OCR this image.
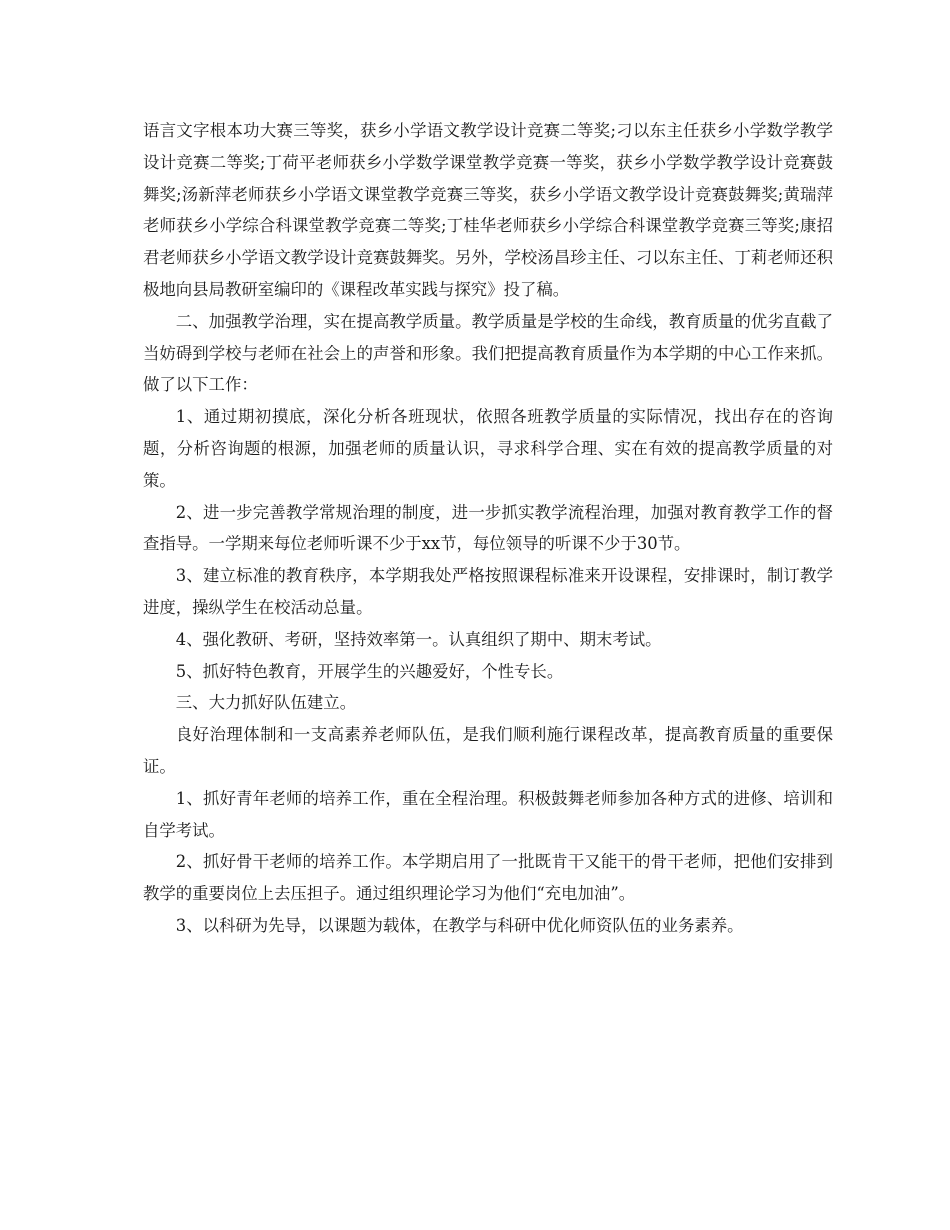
语言文字根本功大赛三等奖，获乡小学语文教学设计竞赛二等奖;刁以东主任获乡小学数学教学设计竞赛二等奖;丁荷平老师获乡小学数学课堂教学竞赛一等奖，获乡小学数学教学设计竞赛鼓舞奖;汤新萍老师获乡小学语文课堂教学竞赛三等奖，获乡小学语文教学设计竞赛鼓舞奖;黄瑞萍老师获乡小学综合科课堂教学竞赛二等奖;丁桂华老师获乡小学综合科课堂教学竞赛三等奖;康招君老师获乡小学语文教学设计竞赛鼓舞奖。另外，学校汤昌珍主任、刁以东主任、丁莉老师还积极地向县局教研室编印的《课程改革实践与探究》投了稿。

二、加强教学治理，实在提高教学质量。教学质量是学校的生命线，教育质量的优劣直截了当妨碍到学校与老师在社会上的声誉和形象。我们把提高教育质量作为本学期的中心工作来抓。做了以下工作：

1、通过期初摸底，深化分析各班现状，依照各班教学质量的实际情况，找出存在的咨询题，分析咨询题的根源，加强老师的质量认识，寻求科学合理、实在有效的提高教学质量的对策。

2、进一步完善教学常规治理的制度，进一步抓实教学流程治理，加强对教育教学工作的督查指导。一学期来每位老师听课不少于xx节，每位领导的听课不少于30节。

3、建立标准的教育秩序，本学期我处严格按照课程标准来开设课程，安排课时，制订教学进度，操纵学生在校活动总量。

4、强化教研、考研，坚持效率第一。认真组织了期中、期末考试。

5、抓好特色教育，开展学生的兴趣爱好，个性专长。

三、大力抓好队伍建立。

良好治理体制和一支高素养老师队伍，是我们顺利施行课程改革，提高教育质量的重要保证。

1、抓好青年老师的培养工作，重在全程治理。积极鼓舞老师参加各种方式的进修、培训和自学考试。

2、抓好骨干老师的培养工作。本学期启用了一批既肯干又能干的骨干老师，把他们安排到教学的重要岗位上去压担子。通过组织理论学习为他们“充电加油”。

3、以科研为先导，以课题为载体，在教学与科研中优化师资队伍的业务素养。
